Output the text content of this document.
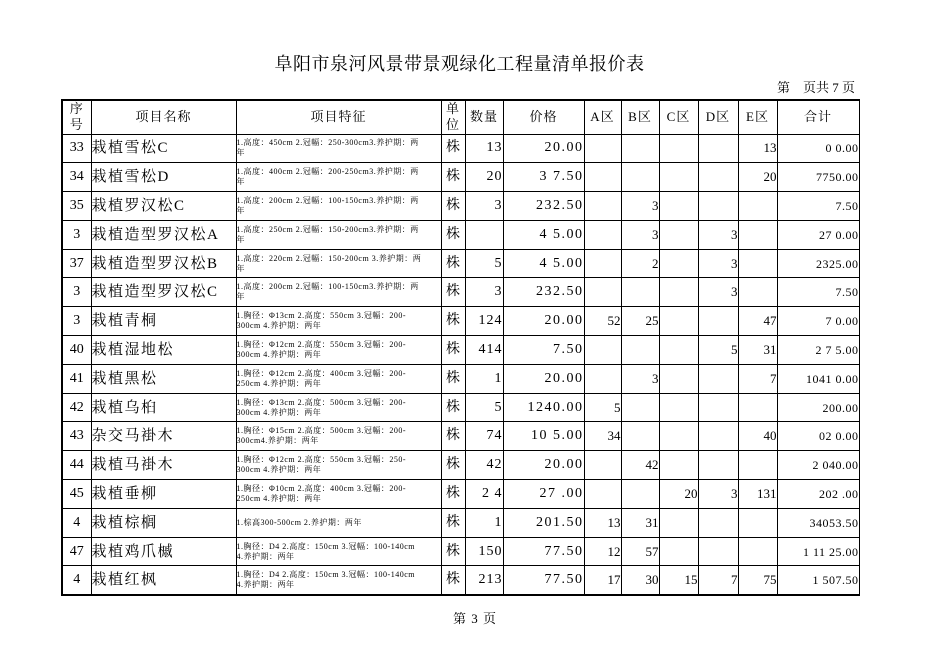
阜阳市泉河风景带景观绿化工程量清单报价表
第    页共 7 页
序
号	项目名称	项目特征	单
位	数量	价格	A区	B区	C区	D区	E区	合计
33	栽植雪松C	1.高度：450cm 2.冠幅：250-300cm3.养护期：两
年	株	13	20.00					13	0 0.00
34	栽植雪松D	1.高度：400cm 2.冠幅：200-250cm3.养护期：两
年	株	20	3 7.50					20	7750.00
35	栽植罗汉松C	1.高度：200cm 2.冠幅：100-150cm3.养护期：两
年	株	3	232.50		3				7.50
3	栽植造型罗汉松A	1.高度：250cm 2.冠幅：150-200cm3.养护期：两
年	株		4 5.00		3		3		27 0.00
37	栽植造型罗汉松B	1.高度：220cm 2.冠幅：150-200cm 3.养护期：两
年	株	5	4 5.00		2		3		2325.00
3	栽植造型罗汉松C	1.高度：200cm 2.冠幅：100-150cm3.养护期：两
年	株	3	232.50				3		7.50
3	栽植青桐	1.胸径：Φ13cm 2.高度：550cm 3.冠幅：200-
300cm 4.养护期：两年	株	124	20.00	52	25			47	7 0.00
40	栽植湿地松	1.胸径：Φ12cm 2.高度：550cm 3.冠幅：200-
300cm 4.养护期：两年	株	414	7.50				5	31	2 7 5.00
41	栽植黑松	1.胸径：Φ12cm 2.高度：400cm 3.冠幅：200-
250cm 4.养护期：两年	株	1	20.00		3			7	1041 0.00
42	栽植乌桕	1.胸径：Φ13cm 2.高度：500cm 3.冠幅：200-
300cm 4.养护期：两年	株	5	1240.00	5					200.00
43	杂交马褂木	1.胸径：Φ15cm 2.高度：500cm 3.冠幅：200-
300cm4.养护期：两年	株	74	10 5.00	34				40	02 0.00
44	栽植马褂木	1.胸径：Φ12cm 2.高度：550cm 3.冠幅：250-
300cm 4.养护期：两年	株	42	20.00		42				2 040.00
45	栽植垂柳	1.胸径：Φ10cm 2.高度：400cm 3.冠幅：200-
250cm 4.养护期：两年	株	2 4	27 .00			20	3	131	202 .00
4	栽植棕榈	1.棕高300-500cm 2.养护期：两年	株	1	201.50	13	31				34053.50
47	栽植鸡爪槭	1.胸径：D4 2.高度：150cm 3.冠幅：100-140cm
4.养护期：两年	株	150	77.50	12	57				1 11 25.00
4	栽植红枫	1.胸径：D4 2.高度：150cm 3.冠幅：100-140cm
4.养护期：两年	株	213	77.50	17	30	15	7	75	1 507.50
第 3 页
